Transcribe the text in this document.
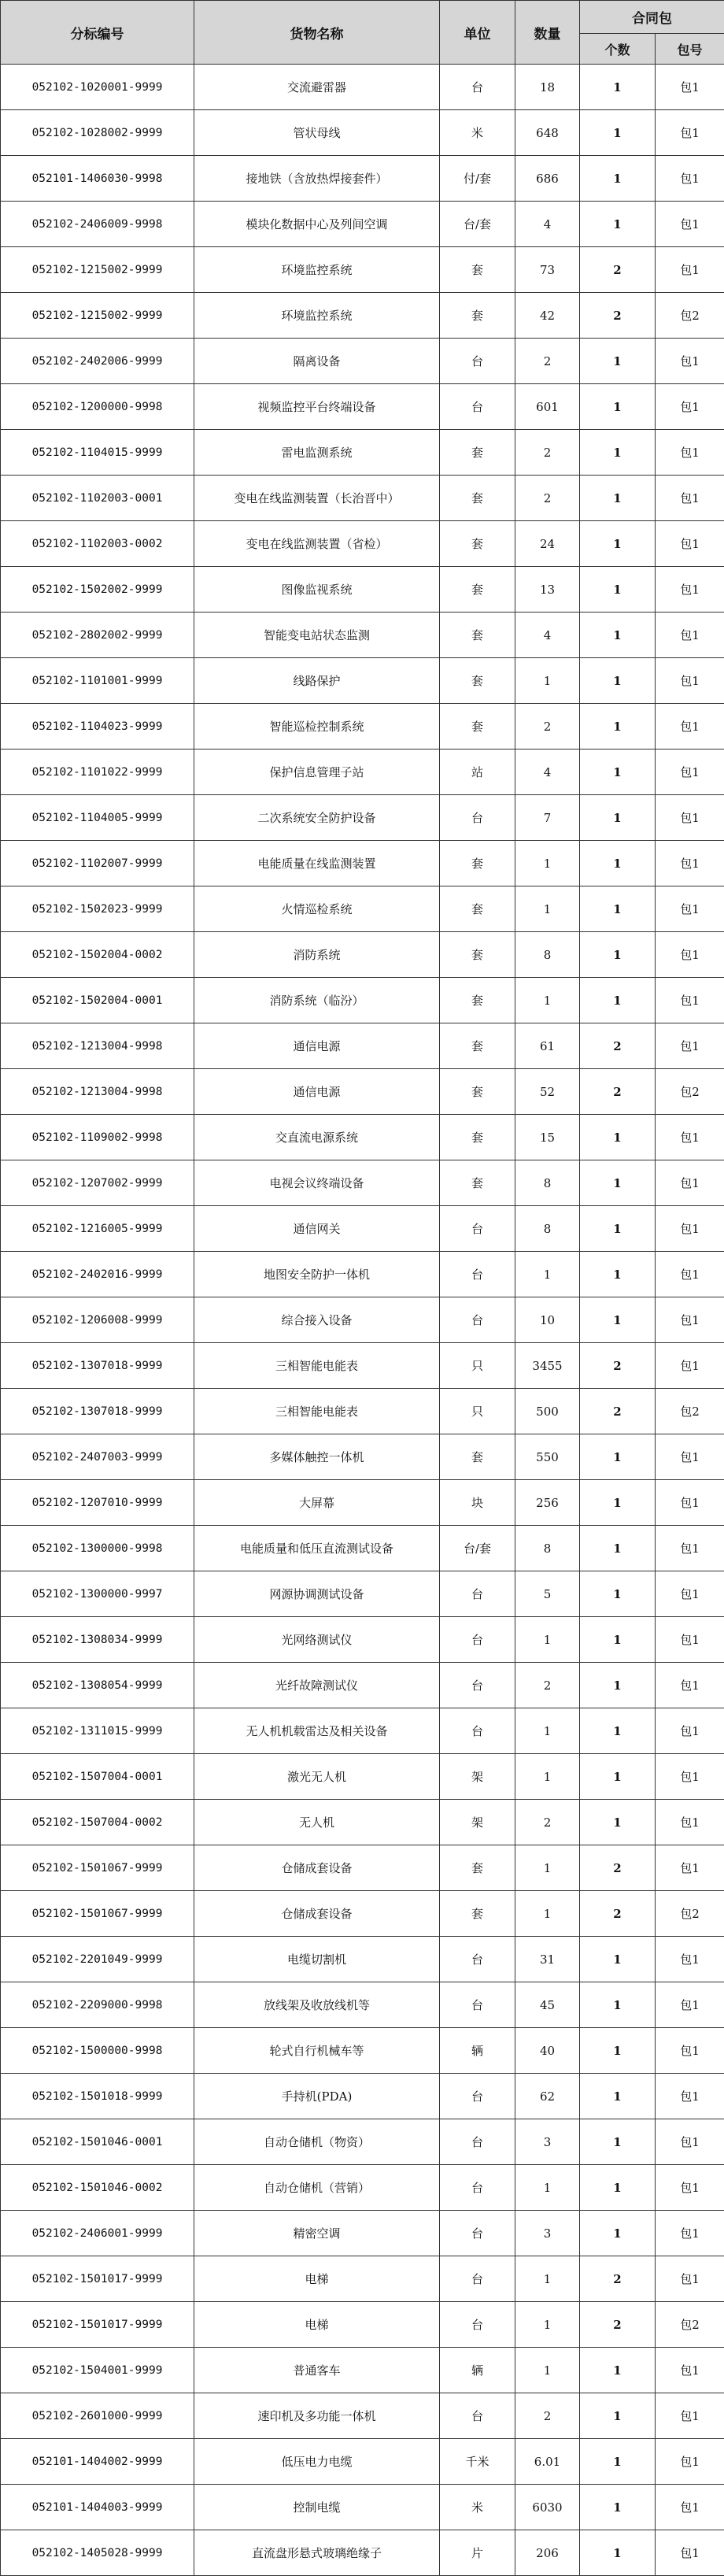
分标编号	货物名称	单位	数量	合同包	
				个数	包号
052102-1020001-9999	交流避雷器	台	18	1	包1
052102-1028002-9999	管状母线	米	648	1	包1
052101-1406030-9998	接地铁（含放热焊接套件）	付/套	686	1	包1
052102-2406009-9998	模块化数据中心及列间空调	台/套	4	1	包1
052102-1215002-9999	环境监控系统	套	73	2	包1
052102-1215002-9999	环境监控系统	套	42	2	包2
052102-2402006-9999	隔离设备	台	2	1	包1
052102-1200000-9998	视频监控平台终端设备	台	601	1	包1
052102-1104015-9999	雷电监测系统	套	2	1	包1
052102-1102003-0001	变电在线监测装置（长治晋中）	套	2	1	包1
052102-1102003-0002	变电在线监测装置（省检）	套	24	1	包1
052102-1502002-9999	图像监视系统	套	13	1	包1
052102-2802002-9999	智能变电站状态监测	套	4	1	包1
052102-1101001-9999	线路保护	套	1	1	包1
052102-1104023-9999	智能巡检控制系统	套	2	1	包1
052102-1101022-9999	保护信息管理子站	站	4	1	包1
052102-1104005-9999	二次系统安全防护设备	台	7	1	包1
052102-1102007-9999	电能质量在线监测装置	套	1	1	包1
052102-1502023-9999	火情巡检系统	套	1	1	包1
052102-1502004-0002	消防系统	套	8	1	包1
052102-1502004-0001	消防系统（临汾）	套	1	1	包1
052102-1213004-9998	通信电源	套	61	2	包1
052102-1213004-9998	通信电源	套	52	2	包2
052102-1109002-9998	交直流电源系统	套	15	1	包1
052102-1207002-9999	电视会议终端设备	套	8	1	包1
052102-1216005-9999	通信网关	台	8	1	包1
052102-2402016-9999	地图安全防护一体机	台	1	1	包1
052102-1206008-9999	综合接入设备	台	10	1	包1
052102-1307018-9999	三相智能电能表	只	3455	2	包1
052102-1307018-9999	三相智能电能表	只	500	2	包2
052102-2407003-9999	多媒体触控一体机	套	550	1	包1
052102-1207010-9999	大屏幕	块	256	1	包1
052102-1300000-9998	电能质量和低压直流测试设备	台/套	8	1	包1
052102-1300000-9997	网源协调测试设备	台	5	1	包1
052102-1308034-9999	光网络测试仪	台	1	1	包1
052102-1308054-9999	光纤故障测试仪	台	2	1	包1
052102-1311015-9999	无人机机载雷达及相关设备	台	1	1	包1
052102-1507004-0001	激光无人机	架	1	1	包1
052102-1507004-0002	无人机	架	2	1	包1
052102-1501067-9999	仓储成套设备	套	1	2	包1
052102-1501067-9999	仓储成套设备	套	1	2	包2
052102-2201049-9999	电缆切割机	台	31	1	包1
052102-2209000-9998	放线架及收放线机等	台	45	1	包1
052102-1500000-9998	轮式自行机械车等	辆	40	1	包1
052102-1501018-9999	手持机(PDA)	台	62	1	包1
052102-1501046-0001	自动仓储机（物资）	台	3	1	包1
052102-1501046-0002	自动仓储机（营销）	台	1	1	包1
052102-2406001-9999	精密空调	台	3	1	包1
052102-1501017-9999	电梯	台	1	2	包1
052102-1501017-9999	电梯	台	1	2	包2
052102-1504001-9999	普通客车	辆	1	1	包1
052102-2601000-9999	速印机及多功能一体机	台	2	1	包1
052101-1404002-9999	低压电力电缆	千米	6.01	1	包1
052101-1404003-9999	控制电缆	米	6030	1	包1
052102-1405028-9999	直流盘形悬式玻璃绝缘子	片	206	1	包1
